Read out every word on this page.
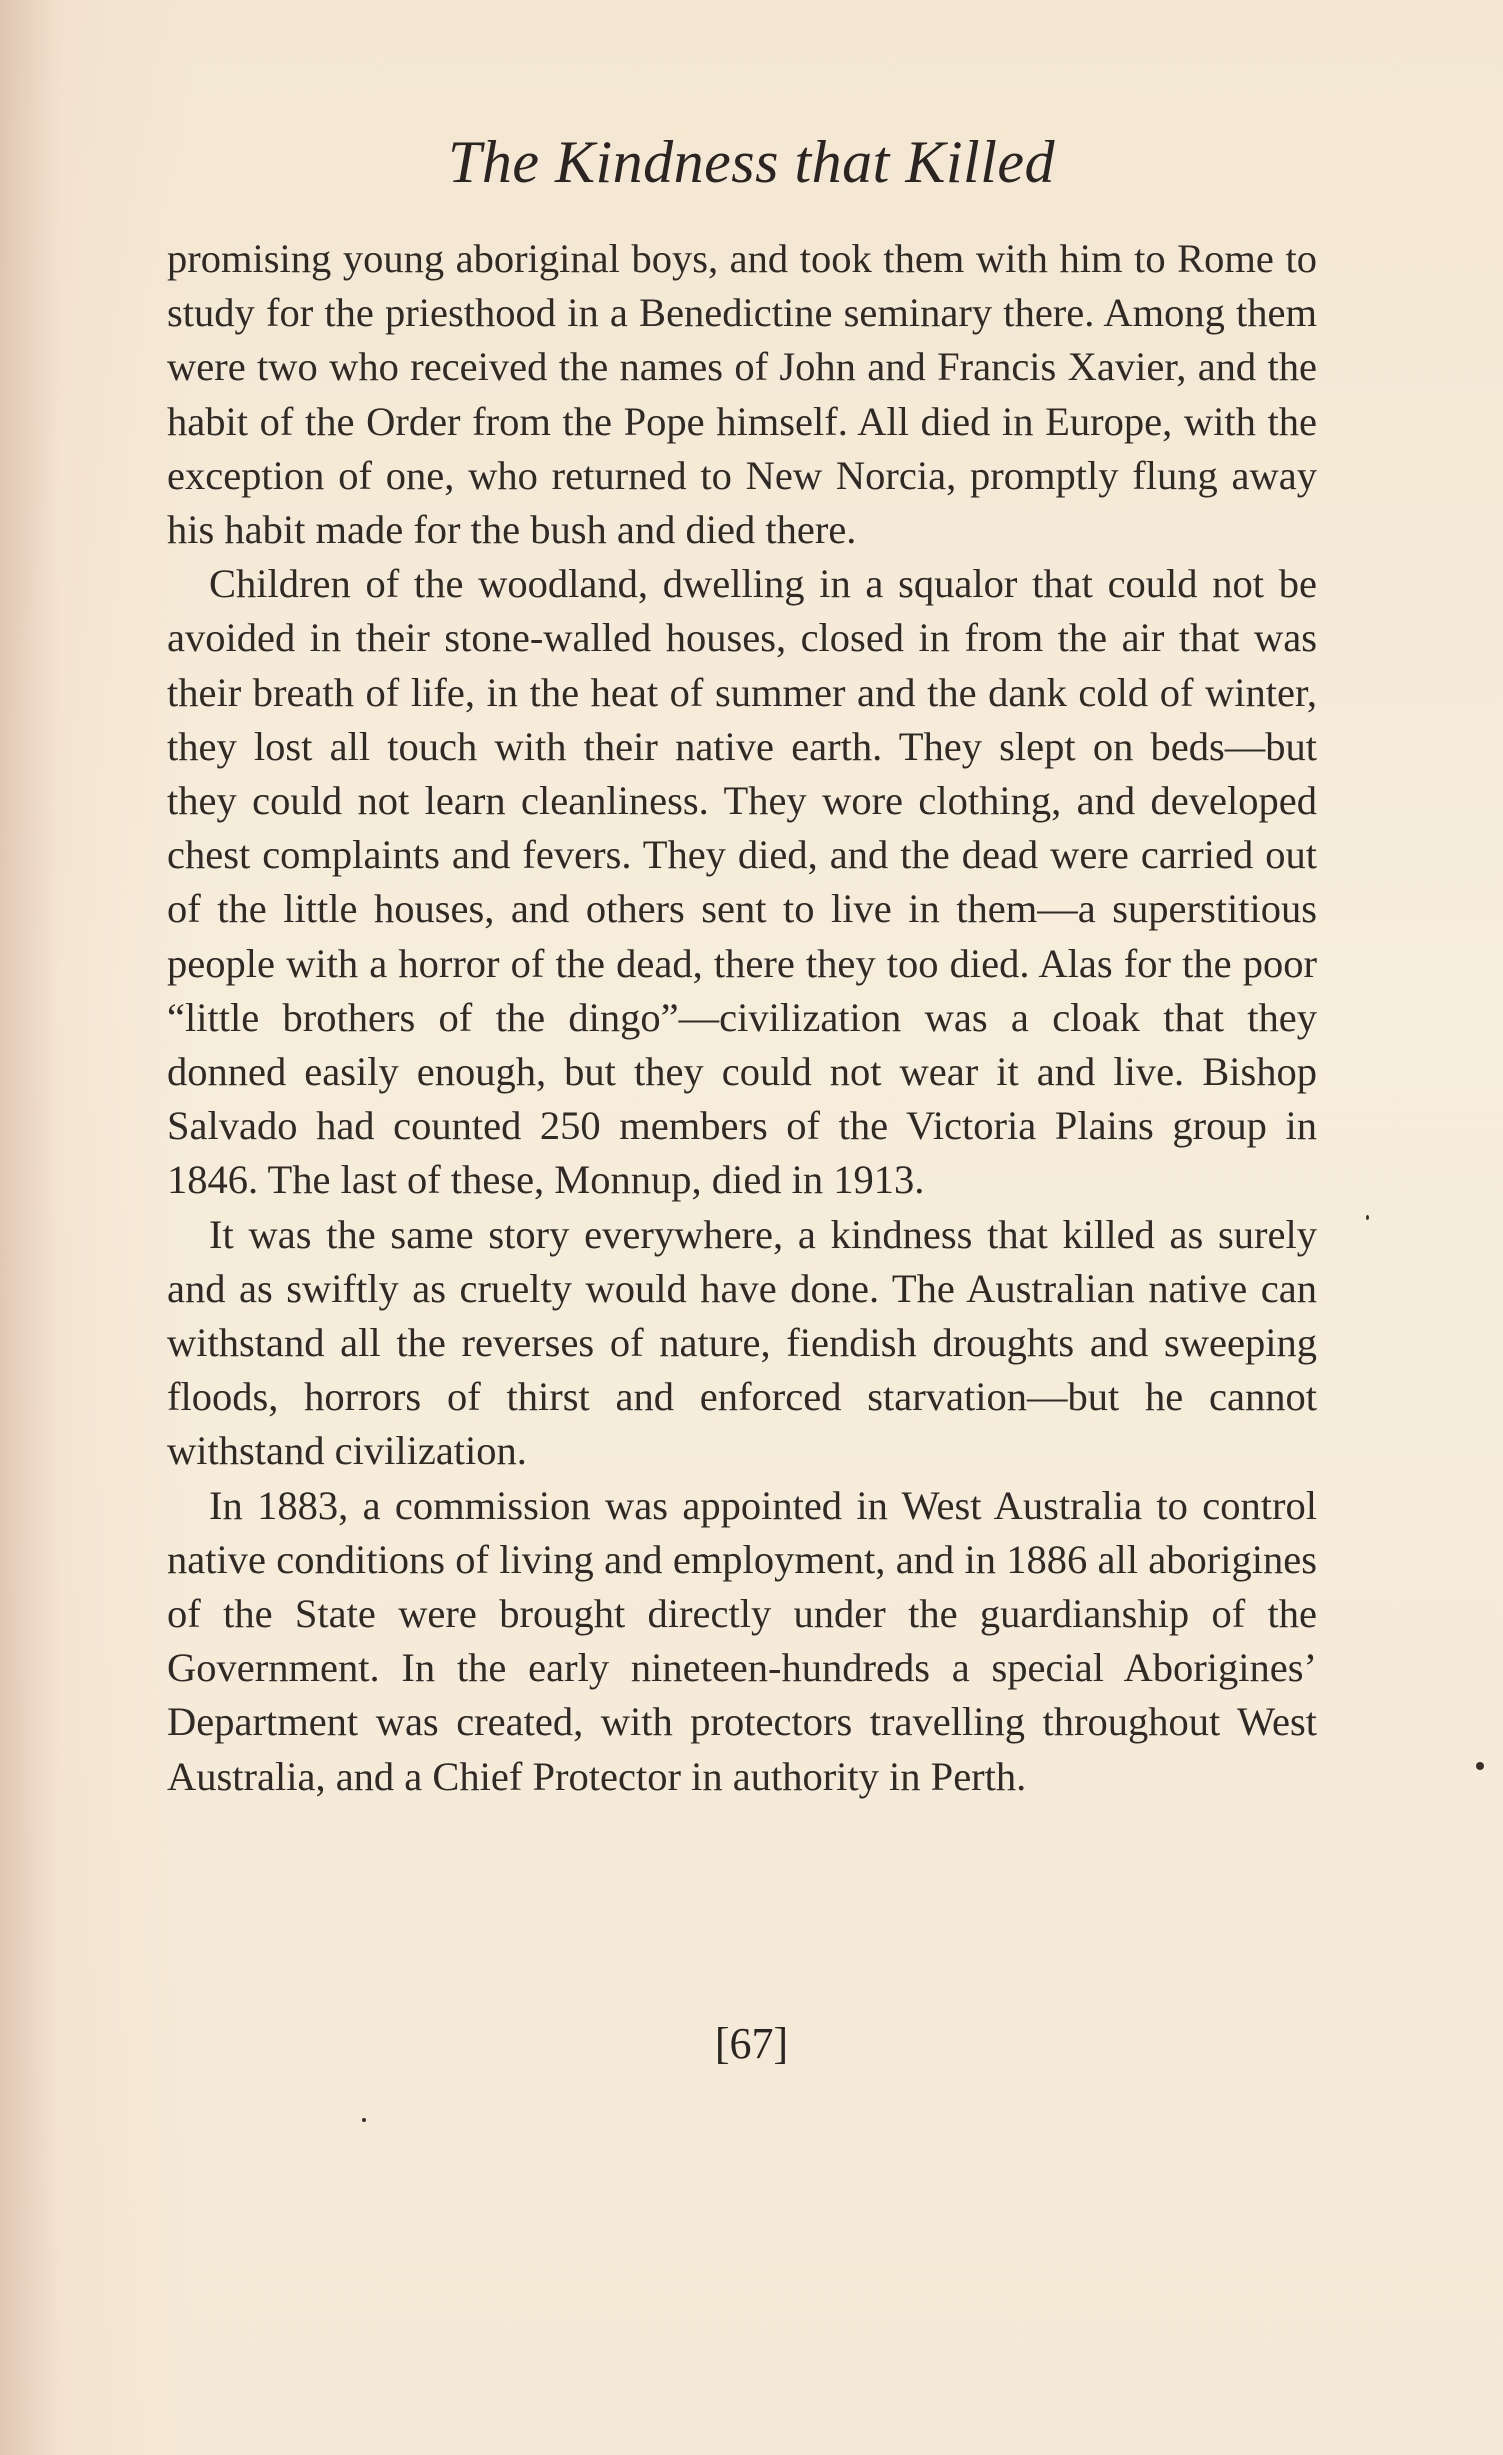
The Kindness that Killed

promising young aboriginal boys, and took them with him to Rome to study for the priesthood in a Benedictine seminary there. Among them were two who received the names of John and Francis Xavier, and the habit of the Order from the Pope himself. All died in Europe, with the exception of one, who returned to New Norcia, promptly flung away his habit made for the bush and died there.

Children of the woodland, dwelling in a squalor that could not be avoided in their stone-walled houses, closed in from the air that was their breath of life, in the heat of summer and the dank cold of winter, they lost all touch with their native earth. They slept on beds—but they could not learn cleanliness. They wore clothing, and developed chest complaints and fevers. They died, and the dead were carried out of the little houses, and others sent to live in them—a superstitious people with a horror of the dead, there they too died. Alas for the poor “little brothers of the dingo”—civilization was a cloak that they donned easily enough, but they could not wear it and live. Bishop Salvado had counted 250 members of the Victoria Plains group in 1846. The last of these, Monnup, died in 1913.

It was the same story everywhere, a kindness that killed as surely and as swiftly as cruelty would have done. The Australian native can withstand all the reverses of nature, fiendish droughts and sweeping floods, horrors of thirst and enforced starvation—but he cannot withstand civilization.

In 1883, a commission was appointed in West Australia to control native conditions of living and employment, and in 1886 all aborigines of the State were brought directly under the guardianship of the Government. In the early nineteen-hundreds a special Aborigines’ Department was created, with protectors travelling throughout West Australia, and a Chief Protector in authority in Perth.

[67]
